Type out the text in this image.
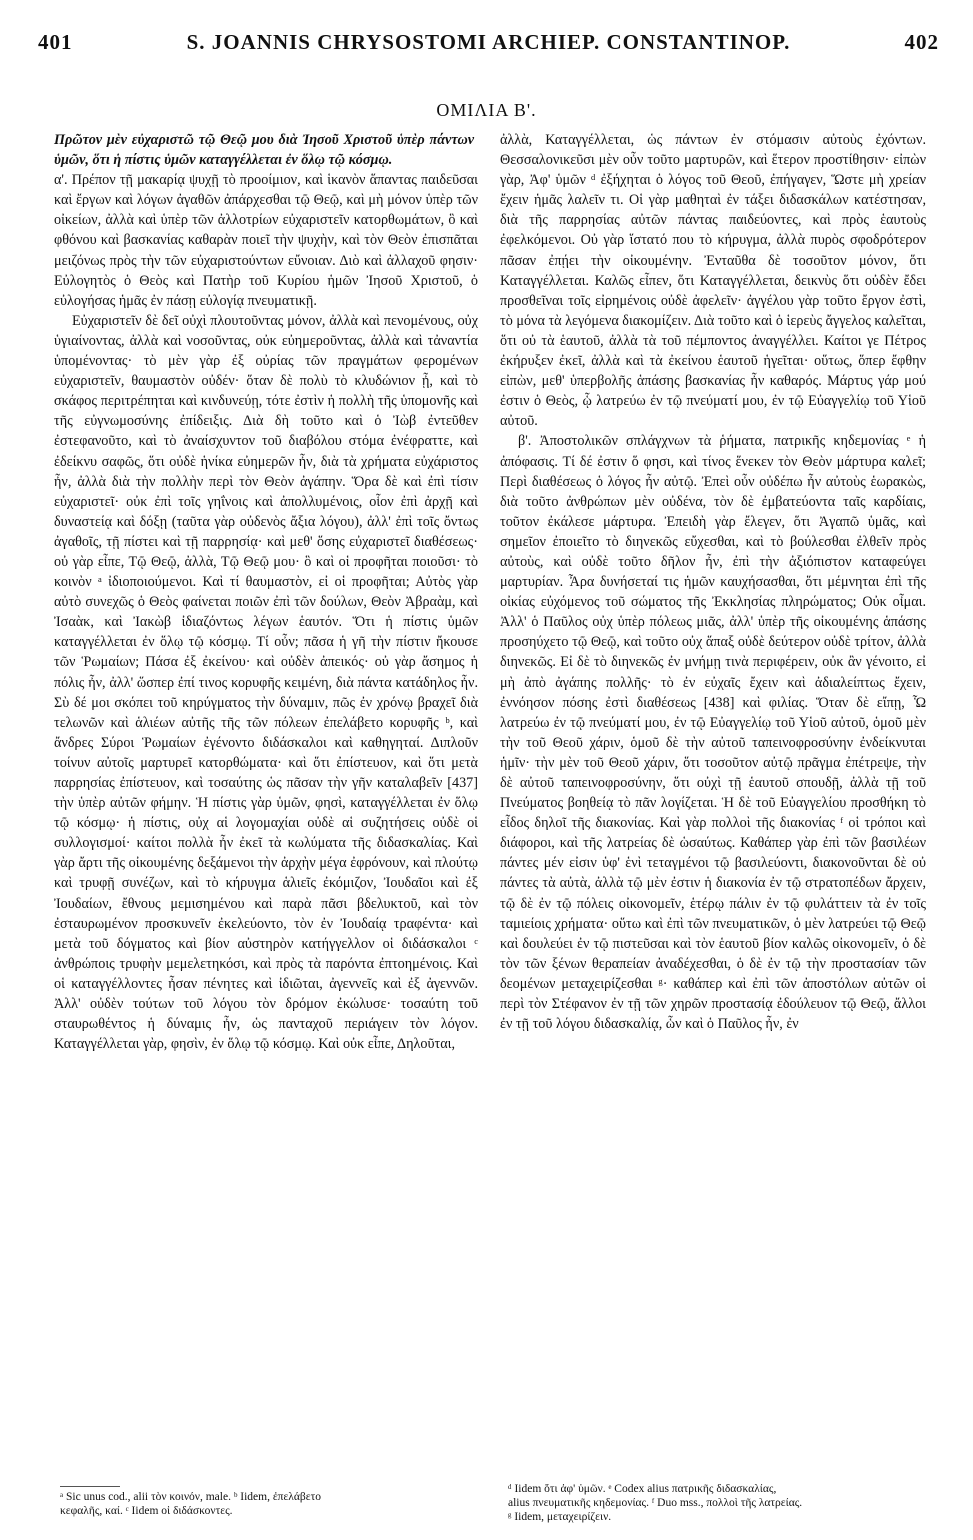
401	S. JOANNIS CHRYSOSTOMI ARCHIEP. CONSTANTINOP.	402
ΟΜΙΛΙΑ Β'.

Πρῶτον μὲν εὐχαριστῶ τῷ Θεῷ μου διὰ Ἰησοῦ Χριστοῦ ὑπὲρ πάντων ὑμῶν, ὅτι ἡ πίστις ὑμῶν καταγγέλλεται ἐν ὅλῳ τῷ κόσμῳ.

α'. Πρέπον τῇ μακαρίᾳ ψυχῇ τὸ προοίμιον, καὶ ἱκανὸν ἅπαντας παιδεῦσαι καὶ ἔργων καὶ λόγων ἀγαθῶν ἀπάρχεσθαι τῷ Θεῷ, καὶ μὴ μόνον ὑπὲρ τῶν οἰκείων, ἀλλὰ καὶ ὑπὲρ τῶν ἀλλοτρίων εὐχαριστεῖν κατορθωμάτων, ὃ καὶ φθόνου καὶ βασκανίας καθαρὰν ποιεῖ τὴν ψυχὴν, καὶ τὸν Θεὸν ἐπισπᾶται μειζόνως πρὸς τὴν τῶν εὐχαριστούντων εὔνοιαν. Διὸ καὶ ἀλλαχοῦ φησιν· Εὐλογητὸς ὁ Θεὸς καὶ Πατὴρ τοῦ Κυρίου ἡμῶν Ἰησοῦ Χριστοῦ, ὁ εὐλογήσας ἡμᾶς ἐν πάσῃ εὐλογίᾳ πνευματικῇ.

Εὐχαριστεῖν δὲ δεῖ οὐχὶ πλουτοῦντας μόνον, ἀλλὰ καὶ πενομένους, οὐχ ὑγιαίνοντας, ἀλλὰ καὶ νοσοῦντας, οὐκ εὐημεροῦντας, ἀλλὰ καὶ τἀναντία ὑπομένοντας· τὸ μὲν γὰρ ἐξ οὐρίας τῶν πραγμάτων φερομένων εὐχαριστεῖν, θαυμαστὸν οὐδέν· ὅταν δὲ πολὺ τὸ κλυδώνιον ᾖ, καὶ τὸ σκάφος περιτρέπηται καὶ κινδυνεύῃ, τότε ἐστὶν ἡ πολλὴ τῆς ὑπομονῆς καὶ τῆς εὐγνωμοσύνης ἐπίδειξις. Διὰ δὴ τοῦτο καὶ ὁ Ἰὼβ ἐντεῦθεν ἐστεφανοῦτο, καὶ τὸ ἀναίσχυντον τοῦ διαβόλου στόμα ἐνέφραττε, καὶ ἐδείκνυ σαφῶς, ὅτι οὐδὲ ἡνίκα εὐημερῶν ἦν, διὰ τὰ χρήματα εὐχάριστος ἦν, ἀλλὰ διὰ τὴν πολλὴν περὶ τὸν Θεὸν ἀγάπην. Ὅρα δὲ καὶ ἐπὶ τίσιν εὐχαριστεῖ· οὐκ ἐπὶ τοῖς γηΐνοις καὶ ἀπολλυμένοις, οἷον ἐπὶ ἀρχῇ καὶ δυναστείᾳ καὶ δόξῃ (ταῦτα γὰρ οὐδενὸς ἄξια λόγου), ἀλλ' ἐπὶ τοῖς ὄντως ἀγαθοῖς, τῇ πίστει καὶ τῇ παρρησίᾳ· καὶ μεθ' ὅσης εὐχαριστεῖ διαθέσεως· οὐ γὰρ εἶπε, Τῷ Θεῷ, ἀλλὰ, Τῷ Θεῷ μου· ὃ καὶ οἱ προφῆται ποιοῦσι· τὸ κοινὸν ᵃ ἰδιοποιούμενοι. Καὶ τί θαυμαστὸν, εἰ οἱ προφῆται; Αὐτὸς γὰρ αὐτὸ συνεχῶς ὁ Θεὸς φαίνεται ποιῶν ἐπὶ τῶν δούλων, Θεὸν Ἀβραὰμ, καὶ Ἰσαὰκ, καὶ Ἰακὼβ ἰδιαζόντως λέγων ἑαυτόν. Ὅτι ἡ πίστις ὑμῶν καταγγέλλεται ἐν ὅλῳ τῷ κόσμῳ. Τί οὖν; πᾶσα ἡ γῆ τὴν πίστιν ἤκουσε τῶν Ῥωμαίων; Πάσα ἐξ ἐκείνου· καὶ οὐδὲν ἀπεικός· οὐ γὰρ ἄσημος ἡ πόλις ἦν, ἀλλ' ὥσπερ ἐπί τινος κορυφῆς κειμένη, διὰ πάντα κατάδηλος ἦν. Σὺ δέ μοι σκόπει τοῦ κηρύγματος τὴν δύναμιν, πῶς ἐν χρόνῳ βραχεῖ διὰ τελωνῶν καὶ ἁλιέων αὐτῆς τῆς τῶν πόλεων ἐπελάβετο κορυφῆς ᵇ, καὶ ἄνδρες Σύροι Ῥωμαίων ἐγένοντο διδάσκαλοι καὶ καθηγηταί. Διπλοῦν τοίνυν αὐτοῖς μαρτυρεῖ κατορθώματα· καὶ ὅτι ἐπίστευον, καὶ ὅτι μετὰ παρρησίας ἐπίστευον, καὶ τοσαύτης ὡς πᾶσαν τὴν γῆν καταλαβεῖν [437] τὴν ὑπὲρ αὐτῶν φήμην. Ἡ πίστις γὰρ ὑμῶν, φησὶ, καταγγέλλεται ἐν ὅλῳ τῷ κόσμῳ· ἡ πίστις, οὐχ αἱ λογομαχίαι οὐδὲ αἱ συζητήσεις οὐδὲ οἱ συλλογισμοί· καίτοι πολλὰ ἦν ἐκεῖ τὰ κωλύματα τῆς διδασκαλίας. Καὶ γὰρ ἄρτι τῆς οἰκουμένης δεξάμενοι τὴν ἀρχὴν μέγα ἐφρόνουν, καὶ πλούτῳ καὶ τρυφῇ συνέζων, καὶ τὸ κήρυγμα ἁλιεῖς ἐκόμιζον, Ἰουδαῖοι καὶ ἐξ Ἰουδαίων, ἔθνους μεμισημένου καὶ παρὰ πᾶσι βδελυκτοῦ, καὶ τὸν ἐσταυρωμένον προσκυνεῖν ἐκελεύοντο, τὸν ἐν Ἰουδαίᾳ τραφέντα· καὶ μετὰ τοῦ δόγματος καὶ βίον αὐστηρὸν κατήγγελλον οἱ διδάσκαλοι ᶜ ἀνθρώποις τρυφὴν μεμελετηκόσι, καὶ πρὸς τὰ παρόντα ἐπτοημένοις. Καὶ οἱ καταγγέλλοντες ἦσαν πένητες καὶ ἰδιῶται, ἀγεννεῖς καὶ ἐξ ἀγεννῶν. Ἀλλ' οὐδὲν τούτων τοῦ λόγου τὸν δρόμον ἐκώλυσε· τοσαύτη τοῦ σταυρωθέντος ἡ δύναμις ἦν, ὡς πανταχοῦ περιάγειν τὸν λόγον. Καταγγέλλεται γὰρ, φησὶν, ἐν ὅλῳ τῷ κόσμῳ. Καὶ οὐκ εἶπε, Δηλοῦται,

ἀλλὰ, Καταγγέλλεται, ὡς πάντων ἐν στόμασιν αὐτοὺς ἐχόντων. Θεσσαλονικεῦσι μὲν οὖν τοῦτο μαρτυρῶν, καὶ ἕτερον προστίθησιν· εἰπὼν γὰρ, Ἀφ' ὑμῶν ᵈ ἐξήχηται ὁ λόγος τοῦ Θεοῦ, ἐπήγαγεν, Ὥστε μὴ χρείαν ἔχειν ἡμᾶς λαλεῖν τι. Οἱ γὰρ μαθηταὶ ἐν τάξει διδασκάλων κατέστησαν, διὰ τῆς παρρησίας αὐτῶν πάντας παιδεύοντες, καὶ πρὸς ἑαυτοὺς ἐφελκόμενοι. Οὐ γὰρ ἵστατό που τὸ κήρυγμα, ἀλλὰ πυρὸς σφοδρότερον πᾶσαν ἐπῄει τὴν οἰκουμένην. Ἐνταῦθα δὲ τοσοῦτον μόνον, ὅτι Καταγγέλλεται. Καλῶς εἶπεν, ὅτι Καταγγέλλεται, δεικνὺς ὅτι οὐδὲν ἔδει προσθεῖναι τοῖς εἰρημένοις οὐδὲ ἀφελεῖν· ἀγγέλου γὰρ τοῦτο ἔργον ἐστὶ, τὸ μόνα τὰ λεγόμενα διακομίζειν. Διὰ τοῦτο καὶ ὁ ἱερεὺς ἄγγελος καλεῖται, ὅτι οὐ τὰ ἑαυτοῦ, ἀλλὰ τὰ τοῦ πέμποντος ἀναγγέλλει. Καίτοι γε Πέτρος ἐκήρυξεν ἐκεῖ, ἀλλὰ καὶ τὰ ἐκείνου ἑαυτοῦ ἡγεῖται· οὕτως, ὅπερ ἔφθην εἰπὼν, μεθ' ὑπερβολῆς ἁπάσης βασκανίας ἦν καθαρός. Μάρτυς γάρ μού ἐστιν ὁ Θεὸς, ᾧ λατρεύω ἐν τῷ πνεύματί μου, ἐν τῷ Εὐαγγελίῳ τοῦ Υἱοῦ αὐτοῦ.

β'. Ἀποστολικῶν σπλάγχνων τὰ ῥήματα, πατρικῆς κηδεμονίας ᵉ ἡ ἀπόφασις. Τί δέ ἐστιν ὅ φησι, καὶ τίνος ἕνεκεν τὸν Θεὸν μάρτυρα καλεῖ; Περὶ διαθέσεως ὁ λόγος ἦν αὐτῷ. Ἐπεὶ οὖν οὐδέπω ἦν αὐτοὺς ἑωρακὼς, διὰ τοῦτο ἀνθρώπων μὲν οὐδένα, τὸν δὲ ἐμβατεύοντα ταῖς καρδίαις, τοῦτον ἐκάλεσε μάρτυρα. Ἐπειδὴ γὰρ ἔλεγεν, ὅτι Ἀγαπῶ ὑμᾶς, καὶ σημεῖον ἐποιεῖτο τὸ διηνεκῶς εὔχεσθαι, καὶ τὸ βούλεσθαι ἐλθεῖν πρὸς αὐτοὺς, καὶ οὐδὲ τοῦτο δῆλον ἦν, ἐπὶ τὴν ἀξιόπιστον καταφεύγει μαρτυρίαν. Ἆρα δυνήσεταί τις ἡμῶν καυχήσασθαι, ὅτι μέμνηται ἐπὶ τῆς οἰκίας εὐχόμενος τοῦ σώματος τῆς Ἐκκλησίας πληρώματος; Οὐκ οἶμαι. Ἀλλ' ὁ Παῦλος οὐχ ὑπὲρ πόλεως μιᾶς, ἀλλ' ὑπὲρ τῆς οἰκουμένης ἁπάσης προσηύχετο τῷ Θεῷ, καὶ τοῦτο οὐχ ἅπαξ οὐδὲ δεύτερον οὐδὲ τρίτον, ἀλλὰ διηνεκῶς. Εἰ δὲ τὸ διηνεκῶς ἐν μνήμῃ τινὰ περιφέρειν, οὐκ ἂν γένοιτο, εἰ μὴ ἀπὸ ἀγάπης πολλῆς· τὸ ἐν εὐχαῖς ἔχειν καὶ ἀδιαλείπτως ἔχειν, ἐννόησον πόσης ἐστὶ διαθέσεως [438] καὶ φιλίας. Ὅταν δὲ εἴπῃ, Ὧ λατρεύω ἐν τῷ πνεύματί μου, ἐν τῷ Εὐαγγελίῳ τοῦ Υἱοῦ αὐτοῦ, ὁμοῦ μὲν τὴν τοῦ Θεοῦ χάριν, ὁμοῦ δὲ τὴν αὐτοῦ ταπεινοφροσύνην ἐνδείκνυται ἡμῖν· τὴν μὲν τοῦ Θεοῦ χάριν, ὅτι τοσοῦτον αὐτῷ πρᾶγμα ἐπέτρεψε, τὴν δὲ αὐτοῦ ταπεινοφροσύνην, ὅτι οὐχὶ τῇ ἑαυτοῦ σπουδῇ, ἀλλὰ τῇ τοῦ Πνεύματος βοηθείᾳ τὸ πᾶν λογίζεται. Ἡ δὲ τοῦ Εὐαγγελίου προσθήκη τὸ εἶδος δηλοῖ τῆς διακονίας. Καὶ γὰρ πολλοὶ τῆς διακονίας ᶠ οἱ τρόποι καὶ διάφοροι, καὶ τῆς λατρείας δὲ ὡσαύτως. Καθάπερ γὰρ ἐπὶ τῶν βασιλέων πάντες μέν εἰσιν ὑφ' ἑνὶ τεταγμένοι τῷ βασιλεύοντι, διακονοῦνται δὲ οὐ πάντες τὰ αὐτὰ, ἀλλὰ τῷ μὲν ἐστιν ἡ διακονία ἐν τῷ στρατοπέδων ἄρχειν, τῷ δὲ ἐν τῷ πόλεις οἰκονομεῖν, ἑτέρῳ πάλιν ἐν τῷ φυλάττειν τὰ ἐν τοῖς ταμιείοις χρήματα· οὕτω καὶ ἐπὶ τῶν πνευματικῶν, ὁ μὲν λατρεύει τῷ Θεῷ καὶ δουλεύει ἐν τῷ πιστεῦσαι καὶ τὸν ἑαυτοῦ βίον καλῶς οἰκονομεῖν, ὁ δὲ τὸν τῶν ξένων θεραπείαν ἀναδέχεσθαι, ὁ δὲ ἐν τῷ τὴν προστασίαν τῶν δεομένων μεταχειρίζεσθαι ᵍ· καθάπερ καὶ ἐπὶ τῶν ἀποστόλων αὐτῶν οἱ περὶ τὸν Στέφανον ἐν τῇ τῶν χηρῶν προστασίᾳ ἐδούλευον τῷ Θεῷ, ἄλλοι ἐν τῇ τοῦ λόγου διδασκαλίᾳ, ὧν καὶ ὁ Παῦλος ἦν, ἐν

ᵃ Sic unus cod., alii τὸν κοινόν, male. ᵇ Iidem, ἐπελάβετο

κεφαλῆς, καί. ᶜ Iidem οἱ διδάσκοντες.

ᵈ Iidem ὅτι ἀφ' ὑμῶν. ᵉ Codex alius πατρικῆς διδασκαλίας,

alius πνευματικῆς κηδεμονίας. ᶠ Duo mss., πολλοὶ τῆς λατρείας.

ᵍ Iidem, μεταχειρίζειν.
